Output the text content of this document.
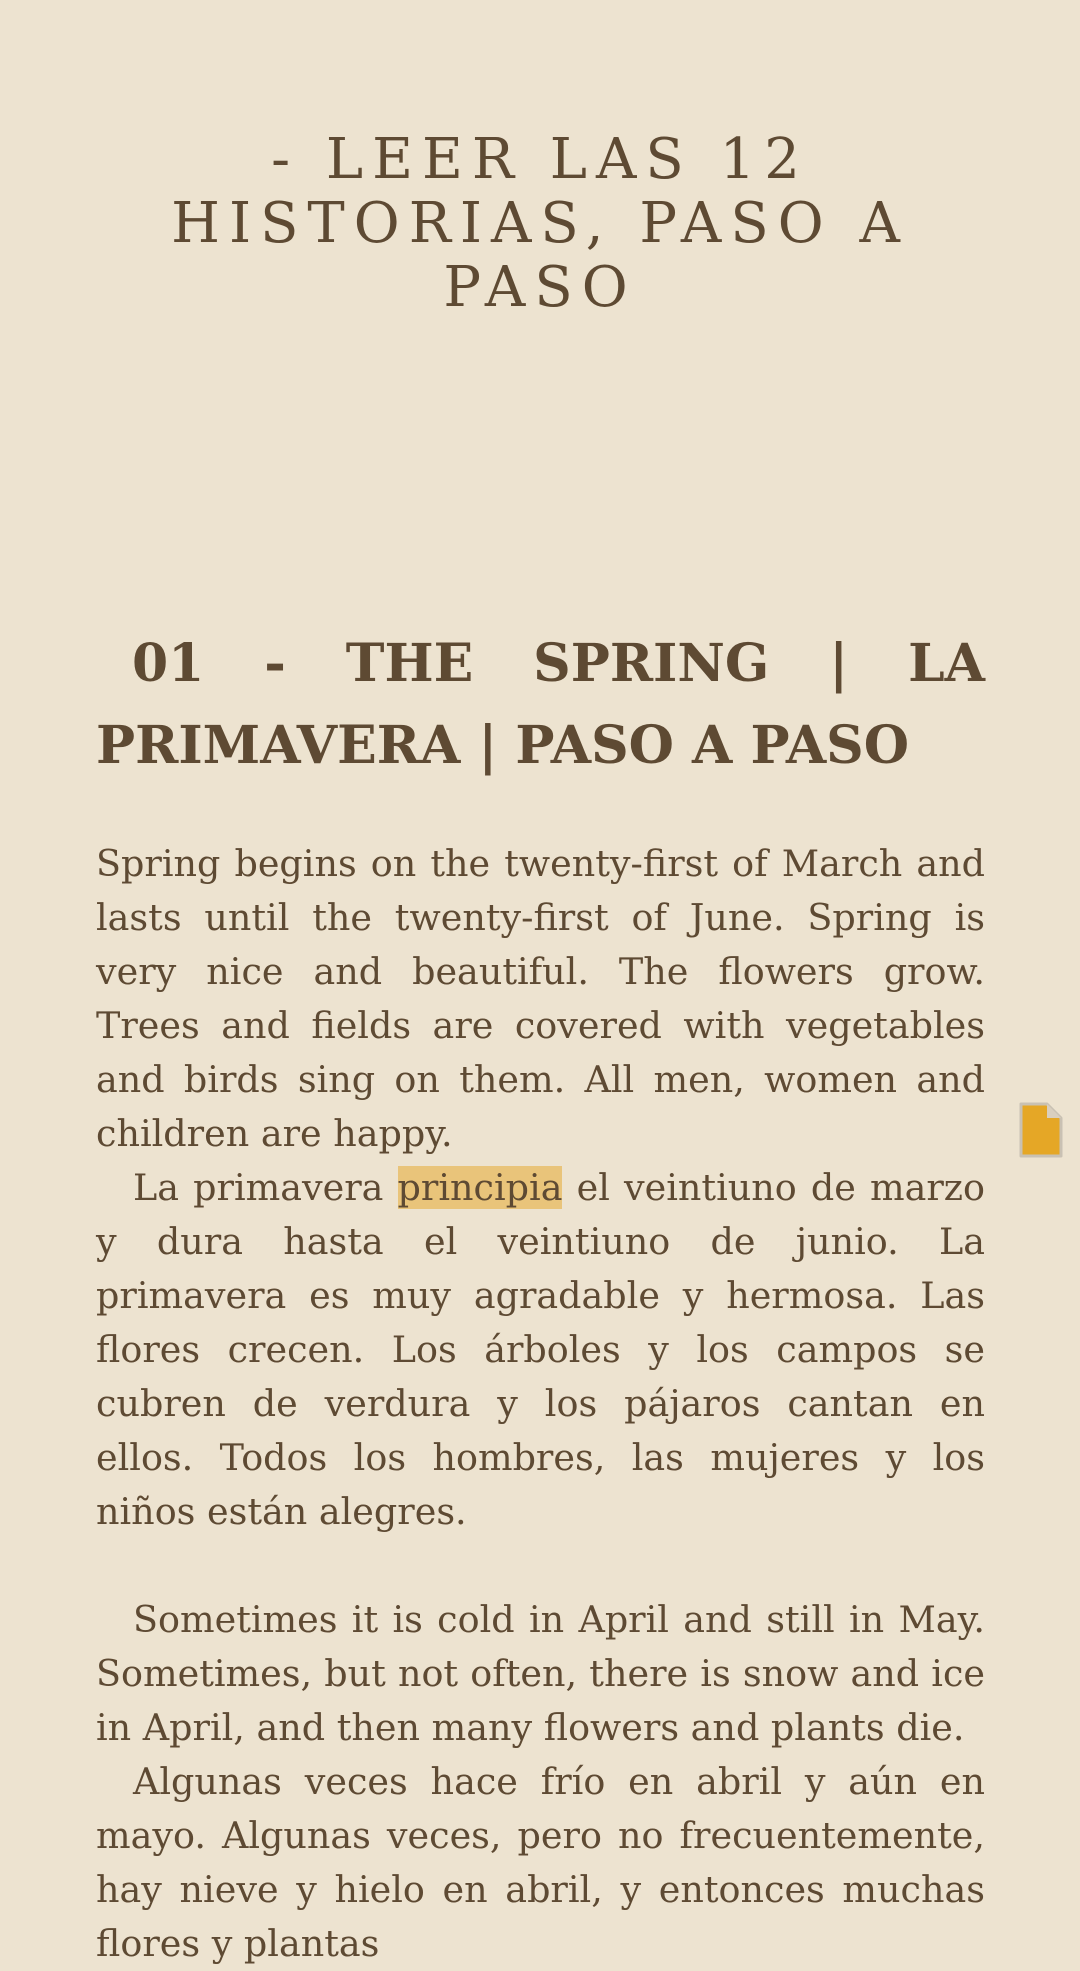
- LEER LAS 12 HISTORIAS, PASO A PASO
01 - THE SPRING | LA PRIMAVERA | PASO A PASO

Spring begins on the twenty-first of March and lasts until the twenty-first of June. Spring is very nice and beautiful. The flowers grow. Trees and fields are covered with vegetables and birds sing on them. All men, women and children are happy.

La primavera principia el veintiuno de marzo y dura hasta el veintiuno de junio. La primavera es muy agradable y hermosa. Las flores crecen. Los árboles y los campos se cubren de verdura y los pájaros cantan en ellos. Todos los hombres, las mujeres y los niños están alegres.

Sometimes it is cold in April and still in May. Sometimes, but not often, there is snow and ice in April, and then many flowers and plants die.

Algunas veces hace frío en abril y aún en mayo. Algunas veces, pero no frecuentemente, hay nieve y hielo en abril, y entonces muchas flores y plantas
